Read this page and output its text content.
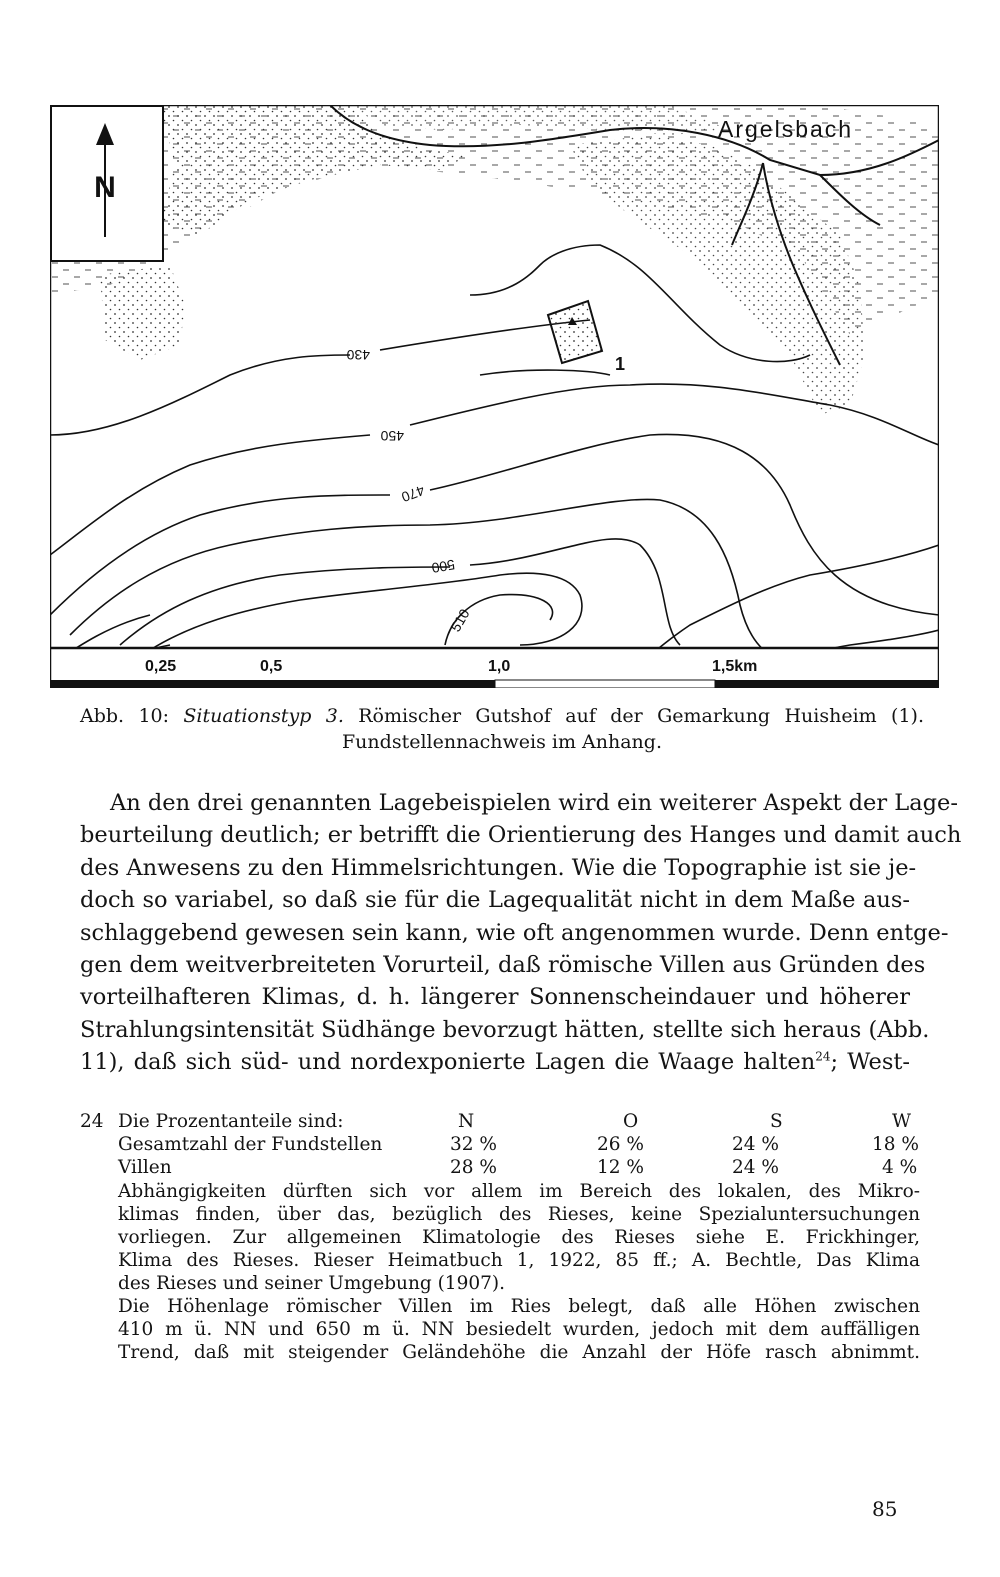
N
Argelsbach
430
450
470
500
510
1
0,25	0,5	1,0	1,5km
Abb. 10: Situationstyp 3. Römischer Gutshof auf der Gemarkung Huisheim (1).
Fundstellennachweis im Anhang.
An den drei genannten Lagebeispielen wird ein weiterer Aspekt der Lage-
beurteilung deutlich; er betrifft die Orientierung des Hanges und damit auch
des Anwesens zu den Himmelsrichtungen. Wie die Topographie ist sie je-
doch so variabel, so daß sie für die Lagequalität nicht in dem Maße aus-
schlaggebend gewesen sein kann, wie oft angenommen wurde. Denn entge-
gen dem weitverbreiteten Vorurteil, daß römische Villen aus Gründen des
vorteilhafteren Klimas, d. h. längerer Sonnenscheindauer und höherer
Strahlungsintensität Südhänge bevorzugt hätten, stellte sich heraus (Abb.
11), daß sich süd- und nordexponierte Lagen die Waage halten$^{24}$; West-
24 Die Prozentanteile sind:	N	O	S	W
Gesamtzahl der Fundstellen	32 %	26 %	24 %	18 %
Villen	28 %	12 %	24 %	4 %
Abhängigkeiten dürften sich vor allem im Bereich des lokalen, des Mikro-
klimas finden, über das, bezüglich des Rieses, keine Spezialuntersuchungen
vorliegen. Zur allgemeinen Klimatologie des Rieses siehe E. Frickhinger,
Klima des Rieses. Rieser Heimatbuch 1, 1922, 85 ff.; A. Bechtle, Das Klima
des Rieses und seiner Umgebung (1907).
Die Höhenlage römischer Villen im Ries belegt, daß alle Höhen zwischen
410 m ü. NN und 650 m ü. NN besiedelt wurden, jedoch mit dem auffälligen
Trend, daß mit steigender Geländehöhe die Anzahl der Höfe rasch abnimmt.
85
